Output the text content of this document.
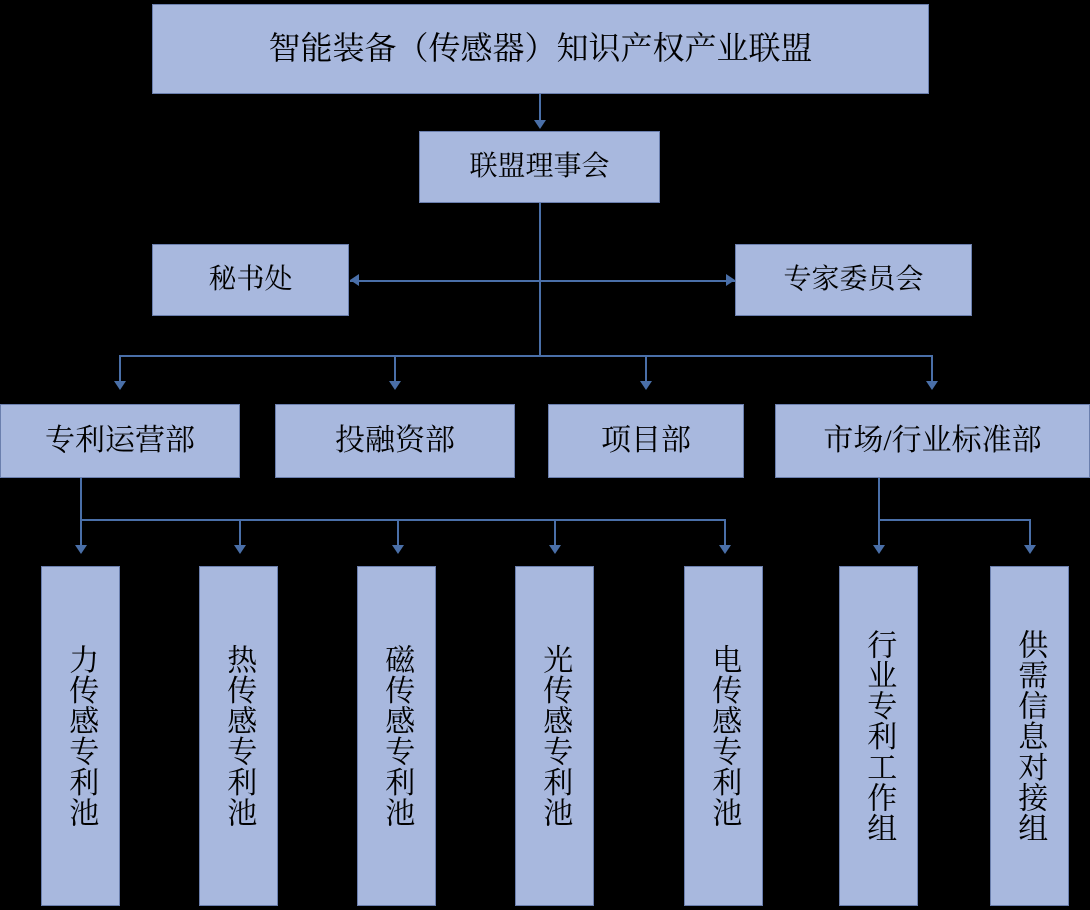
智能装备（传感器）知识产权产业联盟
联盟理事会
秘书处	专家委员会
专利运营部	投融资部	项目部	市场/行业标准部
力传感专利池	热传感专利池	磁传感专利池	光传感专利池	电传感专利池	行业专利工作组	供需信息对接组
